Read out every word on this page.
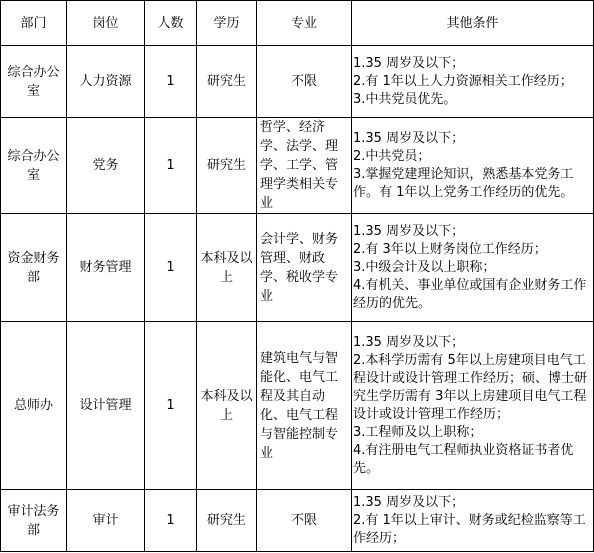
部门	岗位	人数	学历	专业	其他条件
综合办公室	人力资源	1	研究生	不限	1.35 周岁及以下；
2.有 1年以上人力资源相关工作经历；
3.中共党员优先。

综合办公室	党务	1	研究生	哲学、经济学、法学、理学、工学、管理学类相关专业	1.35 周岁及以下；
2.中共党员；
3.掌握党建理论知识，熟悉基本党务工作。有 1年以上党务工作经历的优先。

资金财务部	财务管理	1	本科及以上	会计学、财务管理、财政学、税收学专业	1.35 周岁及以下；
2.有 3年以上财务岗位工作经历；
3.中级会计及以上职称；
4.有机关、事业单位或国有企业财务工作经历的优先。

总师办	设计管理	1	本科及以上	建筑电气与智能化、电气工程及其自动化、电气工程与智能控制专业	1.35 周岁及以下；
2.本科学历需有 5年以上房建项目电气工程设计或设计管理工作经历；硕、博士研究生学历需有 3年以上房建项目电气工程设计或设计管理工作经历；
3.工程师及以上职称；
4.有注册电气工程师执业资格证书者优先。

审计法务部	审计	1	研究生	不限	1.35 周岁及以下；
2.有 1年以上审计、财务或纪检监察等工作经历；
